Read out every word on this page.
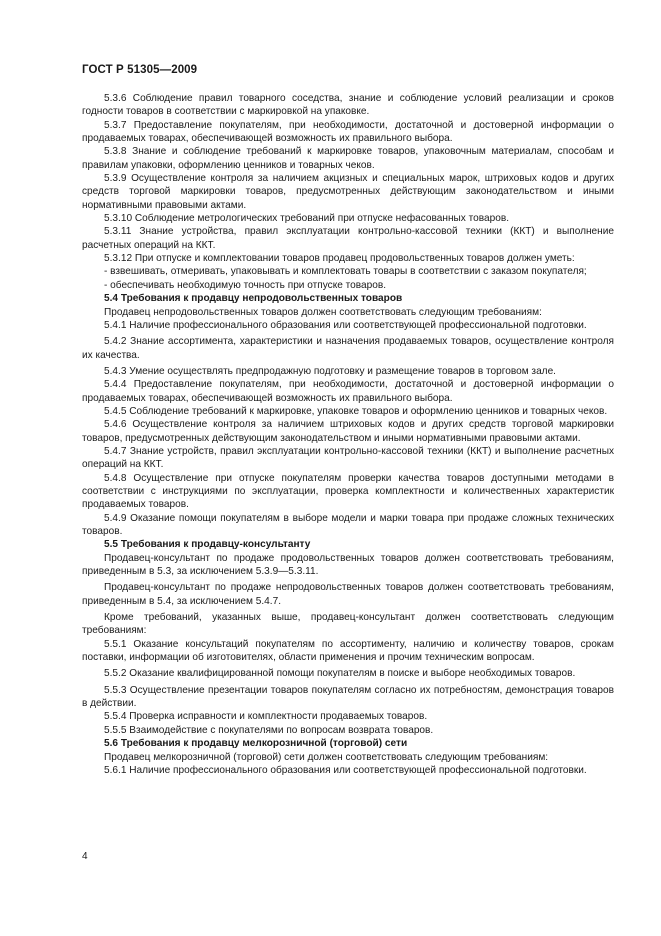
ГОСТ Р 51305—2009

5.3.6 Соблюдение правил товарного соседства, знание и соблюдение условий реализации и сроков годности товаров в соответствии с маркировкой на упаковке.

5.3.7 Предоставление покупателям, при необходимости, достаточной и достоверной информации о продаваемых товарах, обеспечивающей возможность их правильного выбора.

5.3.8 Знание и соблюдение требований к маркировке товаров, упаковочным материалам, способам и правилам упаковки, оформлению ценников и товарных чеков.

5.3.9 Осуществление контроля за наличием акцизных и специальных марок, штриховых кодов и других средств торговой маркировки товаров, предусмотренных действующим законодательством и иными нормативными правовыми актами.

5.3.10 Соблюдение метрологических требований при отпуске нефасованных товаров.

5.3.11 Знание устройства, правил эксплуатации контрольно-кассовой техники (ККТ) и выполнение расчетных операций на ККТ.

5.3.12 При отпуске и комплектовании товаров продавец продовольственных товаров должен уметь:

- взвешивать, отмеривать, упаковывать и комплектовать товары в соответствии с заказом покупателя;

- обеспечивать необходимую точность при отпуске товаров.

5.4 Требования к продавцу непродовольственных товаров

Продавец непродовольственных товаров должен соответствовать следующим требованиям:

5.4.1 Наличие профессионального образования или соответствующей профессиональной подготовки.

5.4.2 Знание ассортимента, характеристики и назначения продаваемых товаров, осуществление контроля их качества.

5.4.3 Умение осуществлять предпродажную подготовку и размещение товаров в торговом зале.

5.4.4 Предоставление покупателям, при необходимости, достаточной и достоверной информации о продаваемых товарах, обеспечивающей возможность их правильного выбора.

5.4.5 Соблюдение требований к маркировке, упаковке товаров и оформлению ценников и товарных чеков.

5.4.6 Осуществление контроля за наличием штриховых кодов и других средств торговой маркировки товаров, предусмотренных действующим законодательством и иными нормативными правовыми актами.

5.4.7 Знание устройств, правил эксплуатации контрольно-кассовой техники (ККТ) и выполнение расчетных операций на ККТ.

5.4.8 Осуществление при отпуске покупателям проверки качества товаров доступными методами в соответствии с инструкциями по эксплуатации, проверка комплектности и количественных характеристик продаваемых товаров.

5.4.9 Оказание помощи покупателям в выборе модели и марки товара при продаже сложных технических товаров.

5.5 Требования к продавцу-консультанту

Продавец-консультант по продаже продовольственных товаров должен соответствовать требованиям, приведенным в 5.3, за исключением 5.3.9—5.3.11.

Продавец-консультант по продаже непродовольственных товаров должен соответствовать требованиям, приведенным в 5.4, за исключением 5.4.7.

Кроме требований, указанных выше, продавец-консультант должен соответствовать следующим требованиям:

5.5.1 Оказание консультаций покупателям по ассортименту, наличию и количеству товаров, срокам поставки, информации об изготовителях, области применения и прочим техническим вопросам.

5.5.2 Оказание квалифицированной помощи покупателям в поиске и выборе необходимых товаров.

5.5.3 Осуществление презентации товаров покупателям согласно их потребностям, демонстрация товаров в действии.

5.5.4 Проверка исправности и комплектности продаваемых товаров.

5.5.5 Взаимодействие с покупателями по вопросам возврата товаров.

5.6 Требования к продавцу мелкорозничной (торговой) сети

Продавец мелкорозничной (торговой) сети должен соответствовать следующим требованиям:

5.6.1 Наличие профессионального образования или соответствующей профессиональной подготовки.

4
